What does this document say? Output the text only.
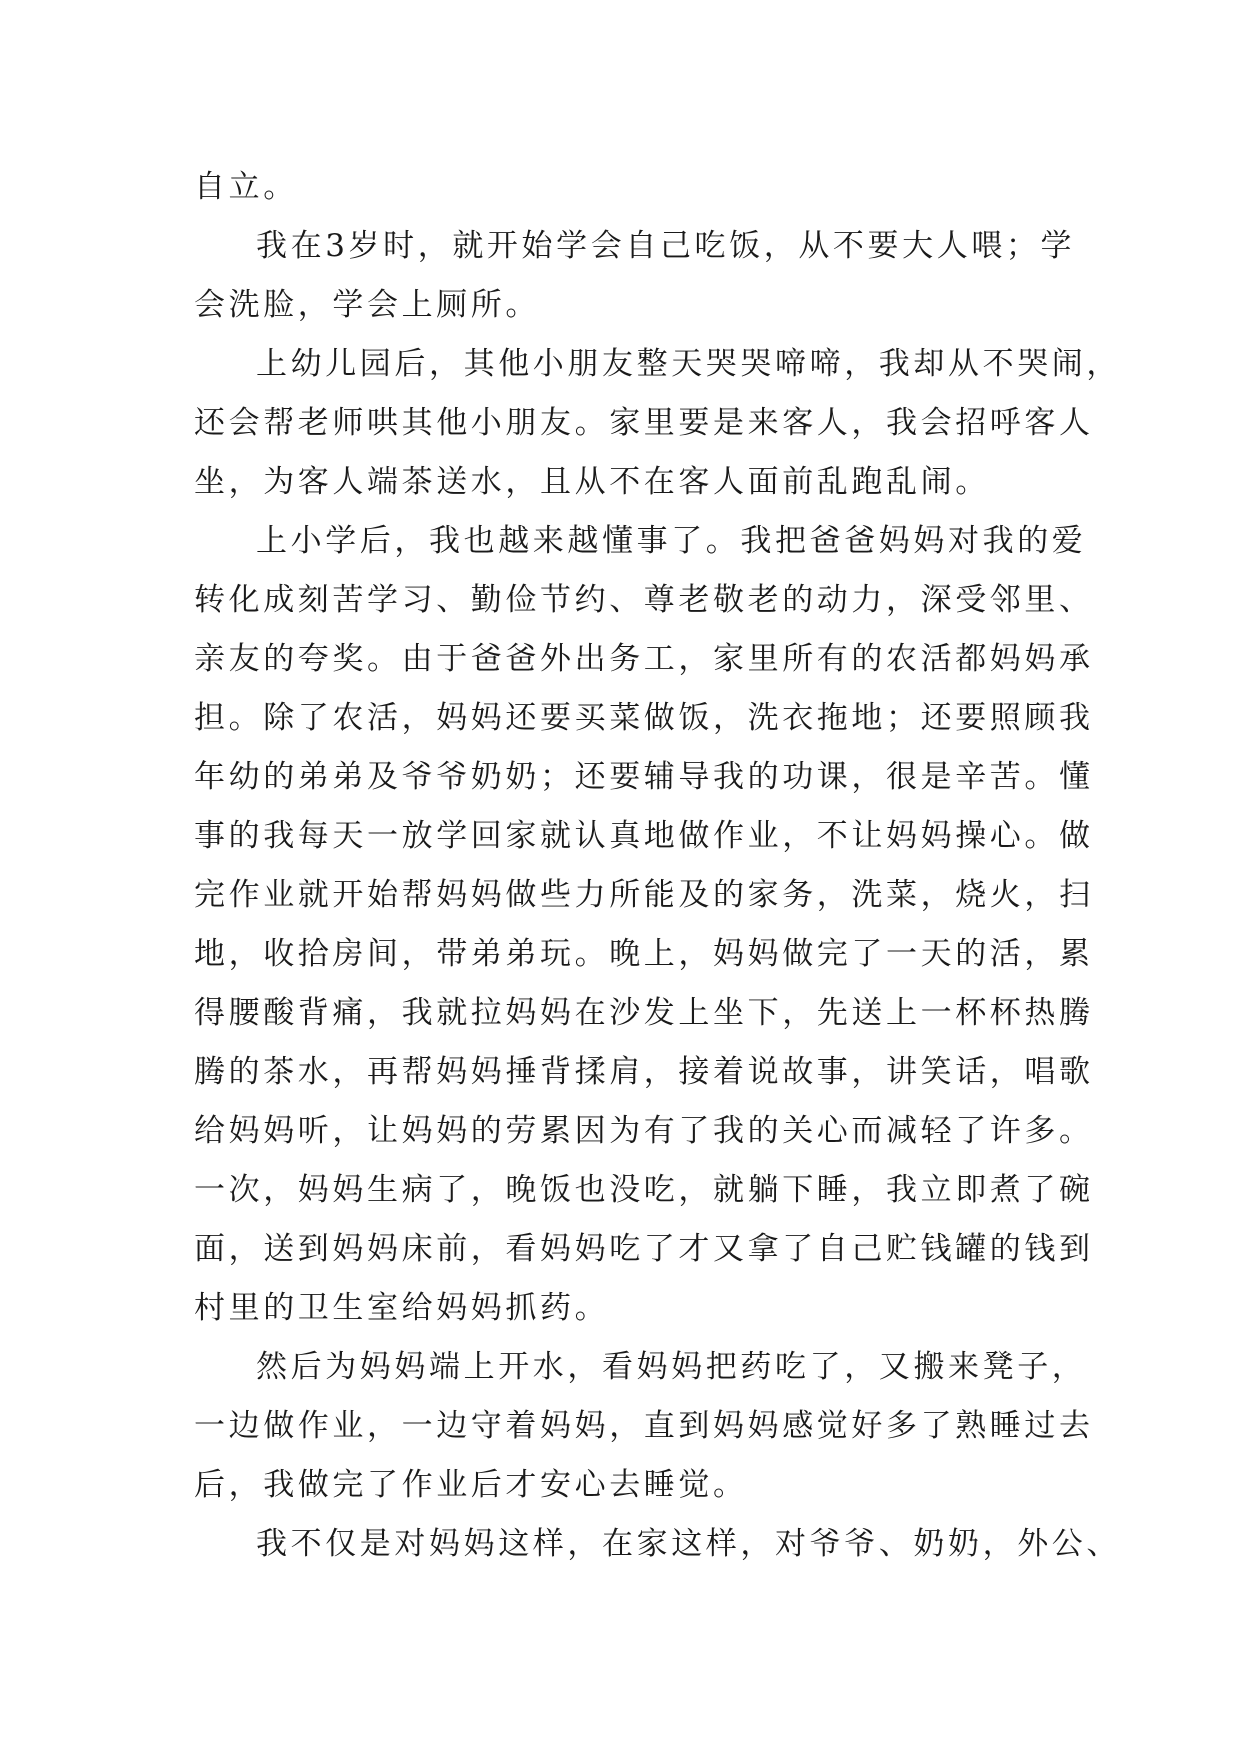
自立。
我在3岁时，就开始学会自己吃饭，从不要大人喂；学
会洗脸，学会上厕所。
上幼儿园后，其他小朋友整天哭哭啼啼，我却从不哭闹，
还会帮老师哄其他小朋友。家里要是来客人，我会招呼客人
坐，为客人端茶送水，且从不在客人面前乱跑乱闹。
上小学后，我也越来越懂事了。我把爸爸妈妈对我的爱
转化成刻苦学习、勤俭节约、尊老敬老的动力，深受邻里、
亲友的夸奖。由于爸爸外出务工，家里所有的农活都妈妈承
担。除了农活，妈妈还要买菜做饭，洗衣拖地；还要照顾我
年幼的弟弟及爷爷奶奶；还要辅导我的功课，很是辛苦。懂
事的我每天一放学回家就认真地做作业，不让妈妈操心。做
完作业就开始帮妈妈做些力所能及的家务，洗菜，烧火，扫
地，收拾房间，带弟弟玩。晚上，妈妈做完了一天的活，累
得腰酸背痛，我就拉妈妈在沙发上坐下，先送上一杯杯热腾
腾的茶水，再帮妈妈捶背揉肩，接着说故事，讲笑话，唱歌
给妈妈听，让妈妈的劳累因为有了我的关心而减轻了许多。
一次，妈妈生病了，晚饭也没吃，就躺下睡，我立即煮了碗
面，送到妈妈床前，看妈妈吃了才又拿了自己贮钱罐的钱到
村里的卫生室给妈妈抓药。
然后为妈妈端上开水，看妈妈把药吃了，又搬来凳子，
一边做作业，一边守着妈妈，直到妈妈感觉好多了熟睡过去
后，我做完了作业后才安心去睡觉。
我不仅是对妈妈这样，在家这样，对爷爷、奶奶，外公、
